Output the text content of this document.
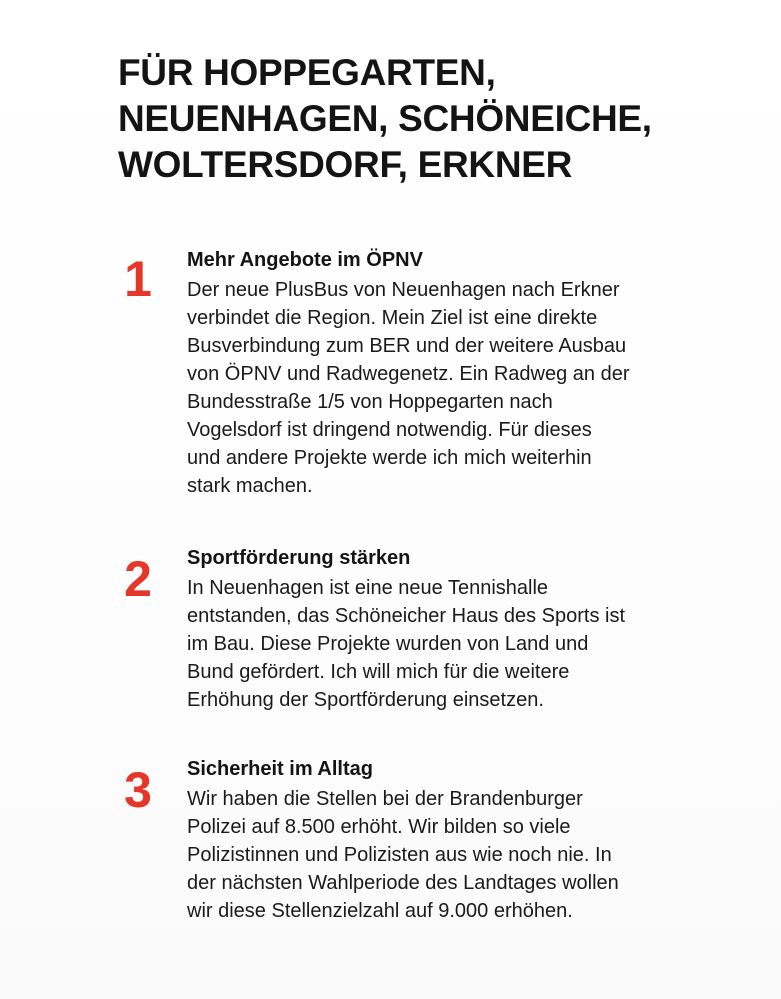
FÜR HOPPEGARTEN,
NEUENHAGEN, SCHÖNEICHE,
WOLTERSDORF, ERKNER
1	Mehr Angebote im ÖPNV
Der neue PlusBus von Neuenhagen nach Erkner
verbindet die Region. Mein Ziel ist eine direkte
Busverbindung zum BER und der weitere Ausbau
von ÖPNV und Radwegenetz. Ein Radweg an der
Bundesstraße 1/5 von Hoppegarten nach
Vogelsdorf ist dringend notwendig. Für dieses
und andere Projekte werde ich mich weiterhin
stark machen.
2	Sportförderung stärken
In Neuenhagen ist eine neue Tennishalle
entstanden, das Schöneicher Haus des Sports ist
im Bau. Diese Projekte wurden von Land und
Bund gefördert. Ich will mich für die weitere
Erhöhung der Sportförderung einsetzen.
3	Sicherheit im Alltag
Wir haben die Stellen bei der Brandenburger
Polizei auf 8.500 erhöht. Wir bilden so viele
Polizistinnen und Polizisten aus wie noch nie. In
der nächsten Wahlperiode des Landtages wollen
wir diese Stellenzielzahl auf 9.000 erhöhen.
